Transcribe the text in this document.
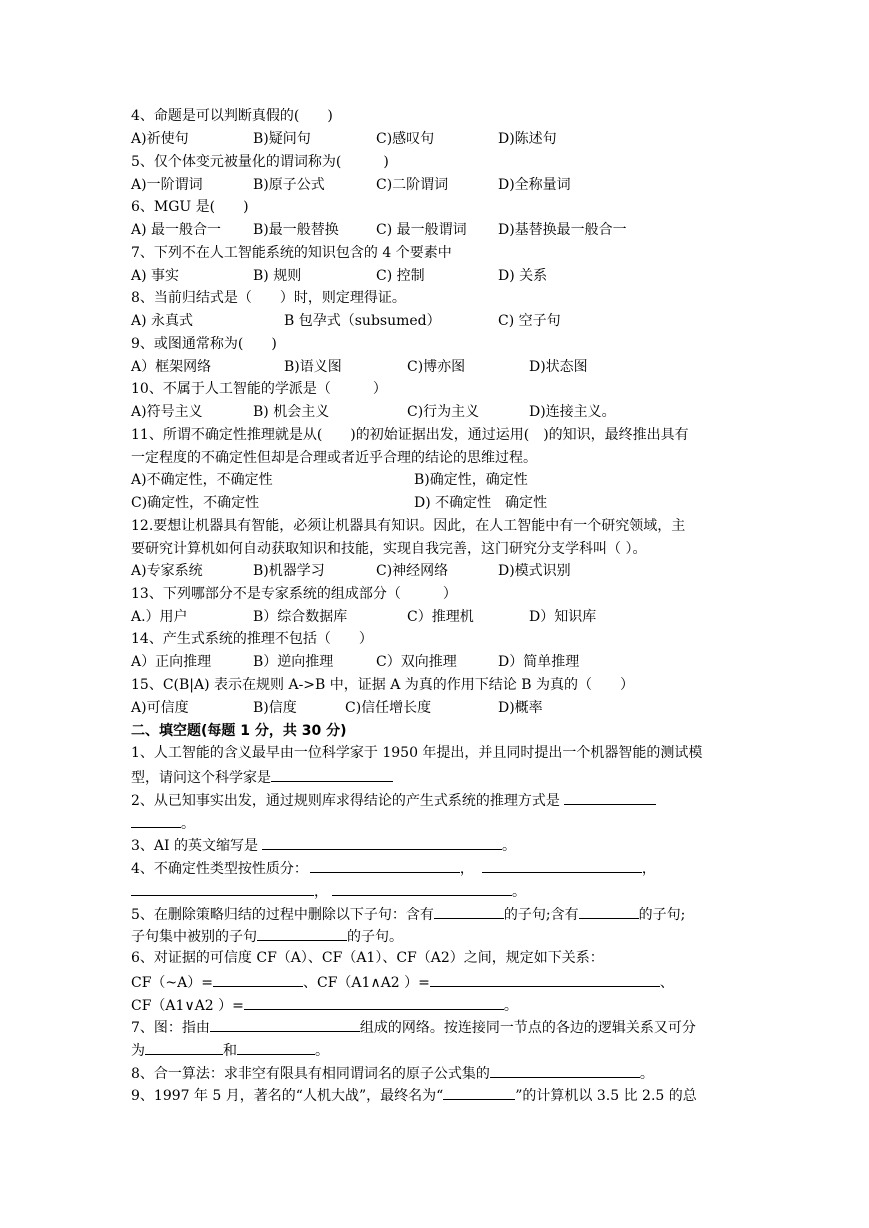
4、命题是可以判断真假的(　　)
A)祈使句	B)疑问句	C)感叹句	D)陈述句
5、仅个体变元被量化的谓词称为(　　　)
A)一阶谓词	B)原子公式	C)二阶谓词	D)全称量词
6、MGU 是(　　)
A) 最一般合一 B)最一般替换	C) 最一般谓词 D)基替换最一般合一
7、下列不在人工智能系统的知识包含的 4 个要素中
A) 事实	B) 规则	C) 控制	D) 关系
8、当前归结式是（　　）时，则定理得证。
A) 永真式	B 包孕式（subsumed）	C) 空子句
9、或图通常称为(　　)
A）框架网络	B)语义图	C)博亦图	D)状态图
10、不属于人工智能的学派是（　　　）
A)符号主义	B) 机会主义	C)行为主义	D)连接主义。
11、所谓不确定性推理就是从(　　)的初始证据出发，通过运用(　)的知识，最终推出具有
一定程度的不确定性但却是合理或者近乎合理的结论的思维过程。
A)不确定性，不确定性	B)确定性，确定性
C)确定性，不确定性	D) 不确定性　确定性
12.要想让机器具有智能，必须让机器具有知识。因此，在人工智能中有一个研究领域，主
要研究计算机如何自动获取知识和技能，实现自我完善，这门研究分支学科叫（ ）。
A)专家系统	B)机器学习	C)神经网络	D)模式识别
13、下列哪部分不是专家系统的组成部分（　　　）
A.）用户	B）综合数据库	C）推理机	D）知识库
14、产生式系统的推理不包括（　　）
A）正向推理	B）逆向推理	C）双向推理	D）简单推理
15、C(B|A) 表示在规则 A->B 中，证据 A 为真的作用下结论 B 为真的（　　）
A)可信度	B)信度	C)信任增长度	D)概率
二、填空题(每题 1 分，共 30 分)
1、人工智能的含义最早由一位科学家于 1950 年提出，并且同时提出一个机器智能的测试模
型，请问这个科学家是
2、从已知事实出发，通过规则库求得结论的产生式系统的推理方式是
。
3、AI 的英文缩写是	。
4、不确定性类型按性质分：	，	，
，	。
5、在删除策略归结的过程中删除以下子句：含有	的子句;含有	的子句;
子句集中被别的子句	的子句。
6、对证据的可信度 CF（A）、CF（A1）、CF（A2）之间，规定如下关系：
CF（~A）=	、CF（A1∧A2 ）=	、
CF（A1∨A2 ）=	。
7、图：指由	组成的网络。按连接同一节点的各边的逻辑关系又可分
为	和	。
8、合一算法：求非空有限具有相同谓词名的原子公式集的	。
9、1997 年 5 月，著名的“人机大战”，最终名为“	”的计算机以 3.5 比 2.5 的总
